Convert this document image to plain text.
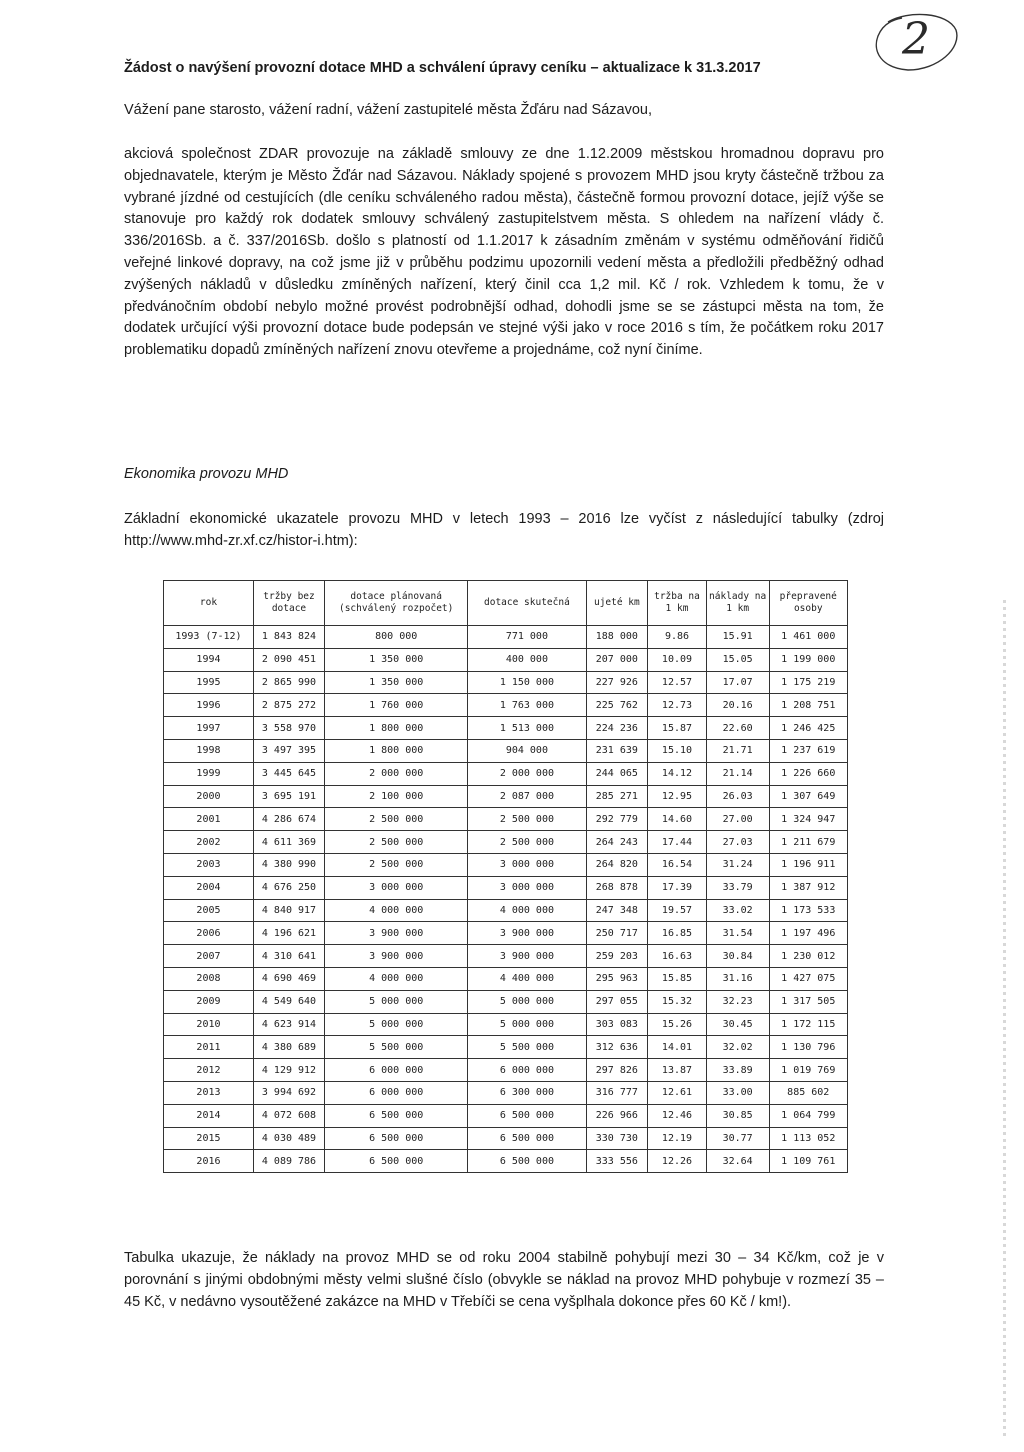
2
Žádost o navýšení provozní dotace MHD a schválení úpravy ceníku – aktualizace k 31.3.2017
Vážení pane starosto, vážení radní, vážení zastupitelé města Žďáru nad Sázavou,
akciová společnost ZDAR provozuje na základě smlouvy ze dne 1.12.2009 městskou hromadnou dopravu pro objednavatele, kterým je Město Žďár nad Sázavou. Náklady spojené s provozem MHD jsou kryty částečně tržbou za vybrané jízdné od cestujících (dle ceníku schváleného radou města), částečně formou provozní dotace, jejíž výše se stanovuje pro každý rok dodatek smlouvy schválený zastupitelstvem města. S ohledem na nařízení vlády č. 336/2016Sb. a č. 337/2016Sb. došlo s platností od 1.1.2017 k zásadním změnám v systému odměňování řidičů veřejné linkové dopravy, na což jsme již v průběhu podzimu upozornili vedení města a předložili předběžný odhad zvýšených nákladů v důsledku zmíněných nařízení, který činil cca 1,2 mil. Kč / rok. Vzhledem k tomu, že v předvánočním období nebylo možné provést podrobnější odhad, dohodli jsme se se zástupci města na tom, že dodatek určující výši provozní dotace bude podepsán ve stejné výši jako v roce 2016 s tím, že počátkem roku 2017 problematiku dopadů zmíněných nařízení znovu otevřeme a projednáme, což nyní činíme.
Ekonomika provozu MHD
Základní ekonomické ukazatele provozu MHD v letech 1993 – 2016 lze vyčíst z následující tabulky (zdroj http://www.mhd-zr.xf.cz/histor-i.htm):
rok	tržby bez dotace	dotace plánovaná (schválený rozpočet)	dotace skutečná	ujeté km	tržba na 1 km	náklady na 1 km	přepravené osoby
1993 (7-12)	1 843 824	800 000	771 000	188 000	9.86	15.91	1 461 000
1994	2 090 451	1 350 000	400 000	207 000	10.09	15.05	1 199 000
1995	2 865 990	1 350 000	1 150 000	227 926	12.57	17.07	1 175 219
1996	2 875 272	1 760 000	1 763 000	225 762	12.73	20.16	1 208 751
1997	3 558 970	1 800 000	1 513 000	224 236	15.87	22.60	1 246 425
1998	3 497 395	1 800 000	904 000	231 639	15.10	21.71	1 237 619
1999	3 445 645	2 000 000	2 000 000	244 065	14.12	21.14	1 226 660
2000	3 695 191	2 100 000	2 087 000	285 271	12.95	26.03	1 307 649
2001	4 286 674	2 500 000	2 500 000	292 779	14.60	27.00	1 324 947
2002	4 611 369	2 500 000	2 500 000	264 243	17.44	27.03	1 211 679
2003	4 380 990	2 500 000	3 000 000	264 820	16.54	31.24	1 196 911
2004	4 676 250	3 000 000	3 000 000	268 878	17.39	33.79	1 387 912
2005	4 840 917	4 000 000	4 000 000	247 348	19.57	33.02	1 173 533
2006	4 196 621	3 900 000	3 900 000	250 717	16.85	31.54	1 197 496
2007	4 310 641	3 900 000	3 900 000	259 203	16.63	30.84	1 230 012
2008	4 690 469	4 000 000	4 400 000	295 963	15.85	31.16	1 427 075
2009	4 549 640	5 000 000	5 000 000	297 055	15.32	32.23	1 317 505
2010	4 623 914	5 000 000	5 000 000	303 083	15.26	30.45	1 172 115
2011	4 380 689	5 500 000	5 500 000	312 636	14.01	32.02	1 130 796
2012	4 129 912	6 000 000	6 000 000	297 826	13.87	33.89	1 019 769
2013	3 994 692	6 000 000	6 300 000	316 777	12.61	33.00	885 602
2014	4 072 608	6 500 000	6 500 000	226 966	12.46	30.85	1 064 799
2015	4 030 489	6 500 000	6 500 000	330 730	12.19	30.77	1 113 052
2016	4 089 786	6 500 000	6 500 000	333 556	12.26	32.64	1 109 761
Tabulka ukazuje, že náklady na provoz MHD se od roku 2004 stabilně pohybují mezi 30 – 34 Kč/km, což je v porovnání s jinými obdobnými městy velmi slušné číslo (obvykle se náklad na provoz MHD pohybuje v rozmezí 35 – 45 Kč, v nedávno vysoutěžené zakázce na MHD v Třebíči se cena vyšplhala dokonce přes 60 Kč / km!).
